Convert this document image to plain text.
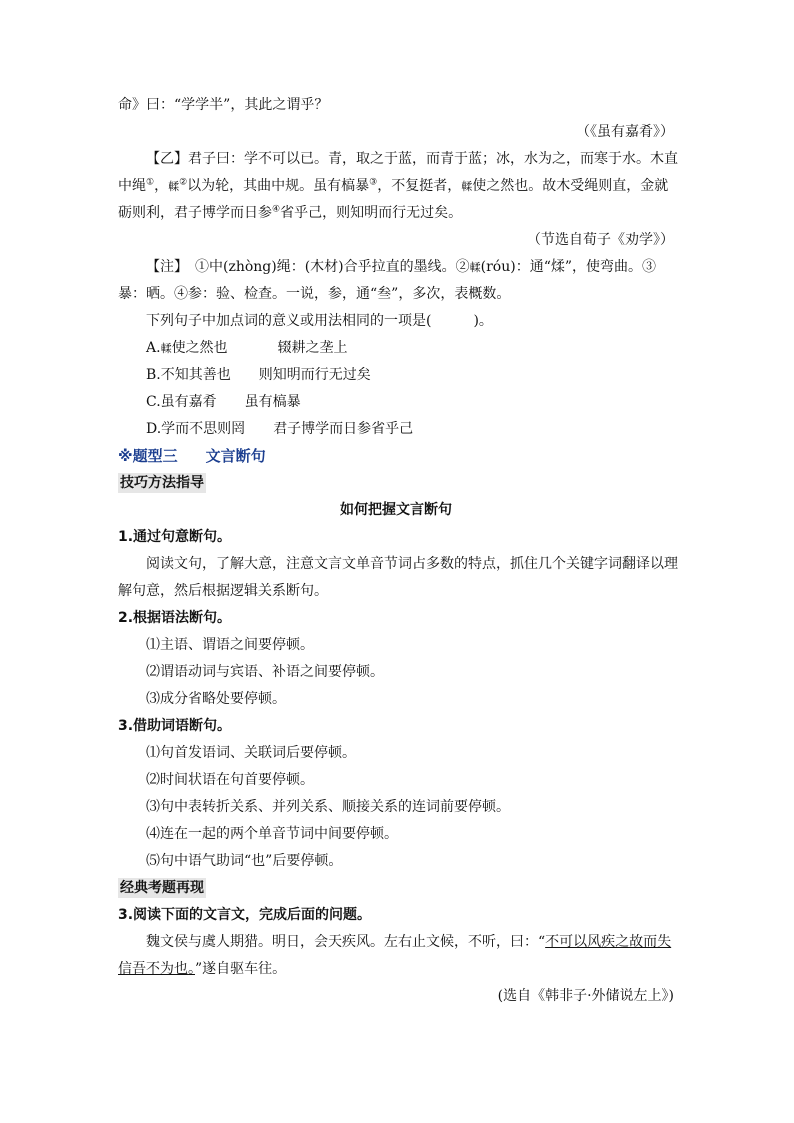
命》曰：“学学半”，其此之谓乎？
（《虽有嘉肴》）
【乙】君子曰：学不可以已。青，取之于蓝，而青于蓝；冰，水为之，而寒于水。木直
中绳①，輮②以为轮，其曲中规。虽有槁暴③，不复挺者，輮使之然也。故木受绳则直，金就
砺则利，君子博学而日参④省乎己，则知明而行无过矣。
（节选自荀子《劝学》）
【注】　①中(zhòng)绳：(木材)合乎拉直的墨线。②輮(róu)：通“煣”，使弯曲。③
暴：晒。④参：验、检查。一说，参，通“叁”，多次，表概数。
下列句子中加点词的意义或用法相同的一项是(　　　)。
A.輮使之然也	辍耕之垄上
B.不知其善也 则知明而行无过矣
C.虽有嘉肴 虽有槁暴
D.学而不思则罔 君子博学而日参省乎己
※题型三 文言断句
技巧方法指导
如何把握文言断句
1.通过句意断句。
阅读文句，了解大意，注意文言文单音节词占多数的特点，抓住几个关键字词翻译以理
解句意，然后根据逻辑关系断句。
2.根据语法断句。
⑴主语、谓语之间要停顿。
⑵谓语动词与宾语、补语之间要停顿。
⑶成分省略处要停顿。
3.借助词语断句。
⑴句首发语词、关联词后要停顿。
⑵时间状语在句首要停顿。
⑶句中表转折关系、并列关系、顺接关系的连词前要停顿。
⑷连在一起的两个单音节词中间要停顿。
⑸句中语气助词“也”后要停顿。
经典考题再现
3.阅读下面的文言文，完成后面的问题。
魏文侯与虞人期猎。明日，会天疾风。左右止文候，不听，曰：“不可以风疾之故而失
信吾不为也。”遂自驱车往。
(选自《韩非子·外储说左上》)
